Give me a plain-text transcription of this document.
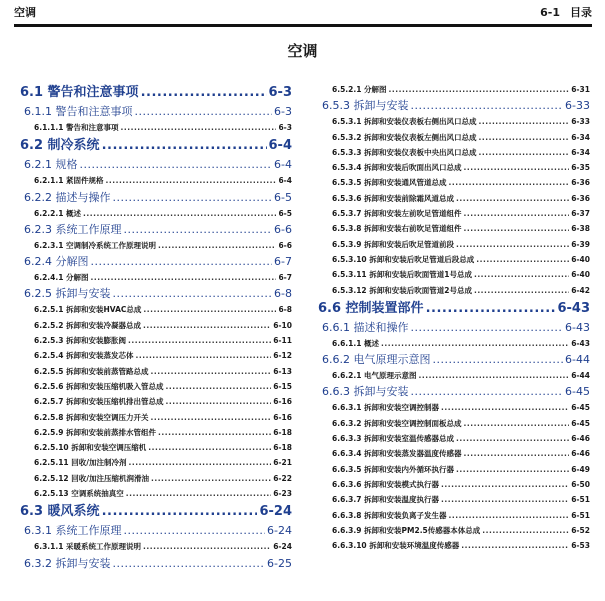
空调	6-1 目录
空调
6.1 警告和注意事项 .....	6-3
6.1.1 警告和注意事项 .....	6-3
6.1.1.1 警告和注意事项 .....	6-3
6.2 制冷系统 .....	6-4
6.2.1 规格 .....	6-4
6.2.1.1 紧固件规格 .....	6-4
6.2.2 描述与操作 .....	6-5
6.2.2.1 概述 .....	6-5
6.2.3 系统工作原理 .....	6-6
6.2.3.1 空调制冷系统工作原理说明 .....	6-6
6.2.4 分解图 .....	6-7
6.2.4.1 分解图 .....	6-7
6.2.5 拆卸与安装 .....	6-8
6.2.5.1 拆卸和安装HVAC总成 .....	6-8
6.2.5.2 拆卸和安装冷凝器总成 .....	6-10
6.2.5.3 拆卸和安装膨胀阀 .....	6-11
6.2.5.4 拆卸和安装蒸发芯体 .....	6-12
6.2.5.5 拆卸和安装前蒸管路总成 .....	6-13
6.2.5.6 拆卸和安装压缩机吸入管总成 .....	6-15
6.2.5.7 拆卸和安装压缩机排出管总成 .....	6-16
6.2.5.8 拆卸和安装空调压力开关 .....	6-16
6.2.5.9 拆卸和安装前蒸排水管组件 .....	6-18
6.2.5.10 拆卸和安装空调压缩机 .....	6-18
6.2.5.11 回收/加注制冷剂 .....	6-21
6.2.5.12 回收/加注压缩机润滑油 .....	6-22
6.2.5.13 空调系统抽真空 .....	6-23
6.3 暖风系统 .....	6-24
6.3.1 系统工作原理 .....	6-24
6.3.1.1 采暖系统工作原理说明 .....	6-24
6.3.2 拆卸与安装 .....	6-25
6.5.2.1 分解图 .....	6-31
6.5.3 拆卸与安装 .....	6-33
6.5.3.1 拆卸和安装仪表板右侧出风口总成 .....	6-33
6.5.3.2 拆卸和安装仪表板左侧出风口总成 .....	6-34
6.5.3.3 拆卸和安装仪表板中央出风口总成 .....	6-34
6.5.3.4 拆卸和安装后吹面出风口总成 .....	6-35
6.5.3.5 拆卸和安装通风管道总成 .....	6-36
6.5.3.6 拆卸和安装前除霜风道总成 .....	6-36
6.5.3.7 拆卸和安装左前吹足管道组件 .....	6-37
6.5.3.8 拆卸和安装右前吹足管道组件 .....	6-38
6.5.3.9 拆卸和安装后吹足管道前段 .....	6-39
6.5.3.10 拆卸和安装后吹足管道后段总成 .....	6-40
6.5.3.11 拆卸和安装后吹面管道1号总成 .....	6-40
6.5.3.12 拆卸和安装后吹面管道2号总成 .....	6-42
6.6 控制装置部件 .....	6-43
6.6.1 描述和操作 .....	6-43
6.6.1.1 概述 .....	6-43
6.6.2 电气原理示意图 .....	6-44
6.6.2.1 电气原理示意图 .....	6-44
6.6.3 拆卸与安装 .....	6-45
6.6.3.1 拆卸和安装空调控制器 .....	6-45
6.6.3.2 拆卸和安装空调控制面板总成 .....	6-45
6.6.3.3 拆卸和安装室温传感器总成 .....	6-46
6.6.3.4 拆卸和安装蒸发器温度传感器 .....	6-46
6.6.3.5 拆卸和安装内外循环执行器 .....	6-49
6.6.3.6 拆卸和安装模式执行器 .....	6-50
6.6.3.7 拆卸和安装温度执行器 .....	6-51
6.6.3.8 拆卸和安装负离子发生器 .....	6-51
6.6.3.9 拆卸和安装PM2.5传感器本体总成 .....	6-52
6.6.3.10 拆卸和安装环境温度传感器 .....	6-53
